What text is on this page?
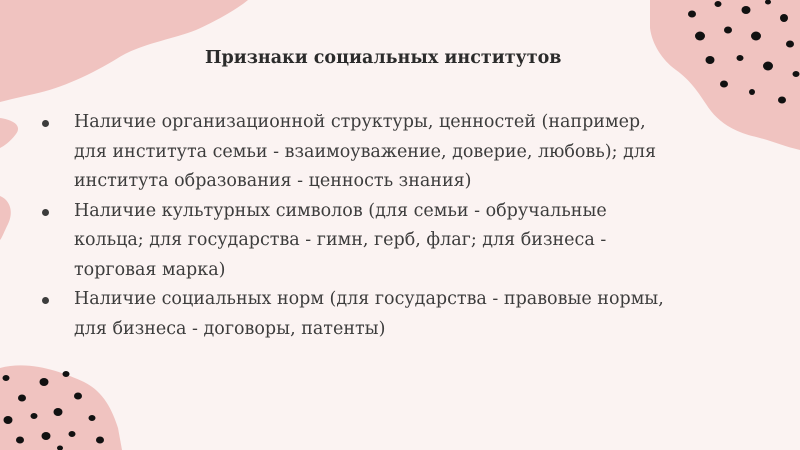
Признаки социальных институтов
Наличие организационной структуры, ценностей (например,
для института семьи - взаимоуважение, доверие, любовь); для
института образования - ценность знания)
Наличие культурных символов (для семьи - обручальные
кольца; для государства - гимн, герб, флаг; для бизнеса -
торговая марка)
Наличие социальных норм (для государства - правовые нормы,
для бизнеса - договоры, патенты)
